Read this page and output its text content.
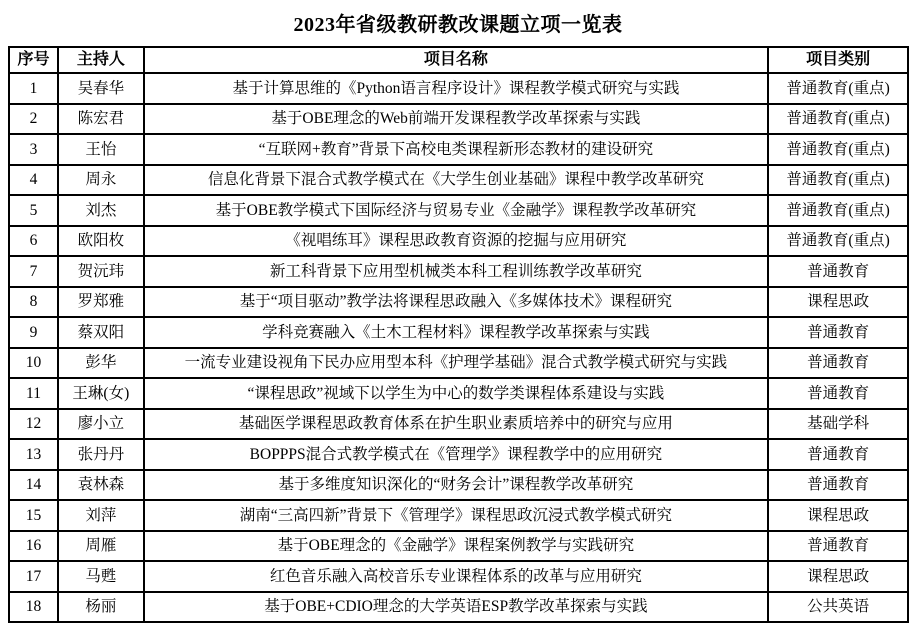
2023年省级教研教改课题立项一览表
序号	主持人	项目名称	项目类别
1	吴春华	基于计算思维的《Python语言程序设计》课程教学模式研究与实践	普通教育(重点)
2	陈宏君	基于OBE理念的Web前端开发课程教学改革探索与实践	普通教育(重点)
3	王怡	“互联网+教育”背景下高校电类课程新形态教材的建设研究	普通教育(重点)
4	周永	信息化背景下混合式教学模式在《大学生创业基础》课程中教学改革研究	普通教育(重点)
5	刘杰	基于OBE教学模式下国际经济与贸易专业《金融学》课程教学改革研究	普通教育(重点)
6	欧阳枚	《视唱练耳》课程思政教育资源的挖掘与应用研究	普通教育(重点)
7	贺沅玮	新工科背景下应用型机械类本科工程训练教学改革研究	普通教育
8	罗郑雅	基于“项目驱动”教学法将课程思政融入《多媒体技术》课程研究	课程思政
9	蔡双阳	学科竞赛融入《土木工程材料》课程教学改革探索与实践	普通教育
10	彭华	一流专业建设视角下民办应用型本科《护理学基础》混合式教学模式研究与实践	普通教育
11	王琳(女)	“课程思政”视域下以学生为中心的数学类课程体系建设与实践	普通教育
12	廖小立	基础医学课程思政教育体系在护生职业素质培养中的研究与应用	基础学科
13	张丹丹	BOPPPS混合式教学模式在《管理学》课程教学中的应用研究	普通教育
14	袁林森	基于多维度知识深化的“财务会计”课程教学改革研究	普通教育
15	刘萍	湖南“三高四新”背景下《管理学》课程思政沉浸式教学模式研究	课程思政
16	周雁	基于OBE理念的《金融学》课程案例教学与实践研究	普通教育
17	马甦	红色音乐融入高校音乐专业课程体系的改革与应用研究	课程思政
18	杨丽	基于OBE+CDIO理念的大学英语ESP教学改革探索与实践	公共英语
